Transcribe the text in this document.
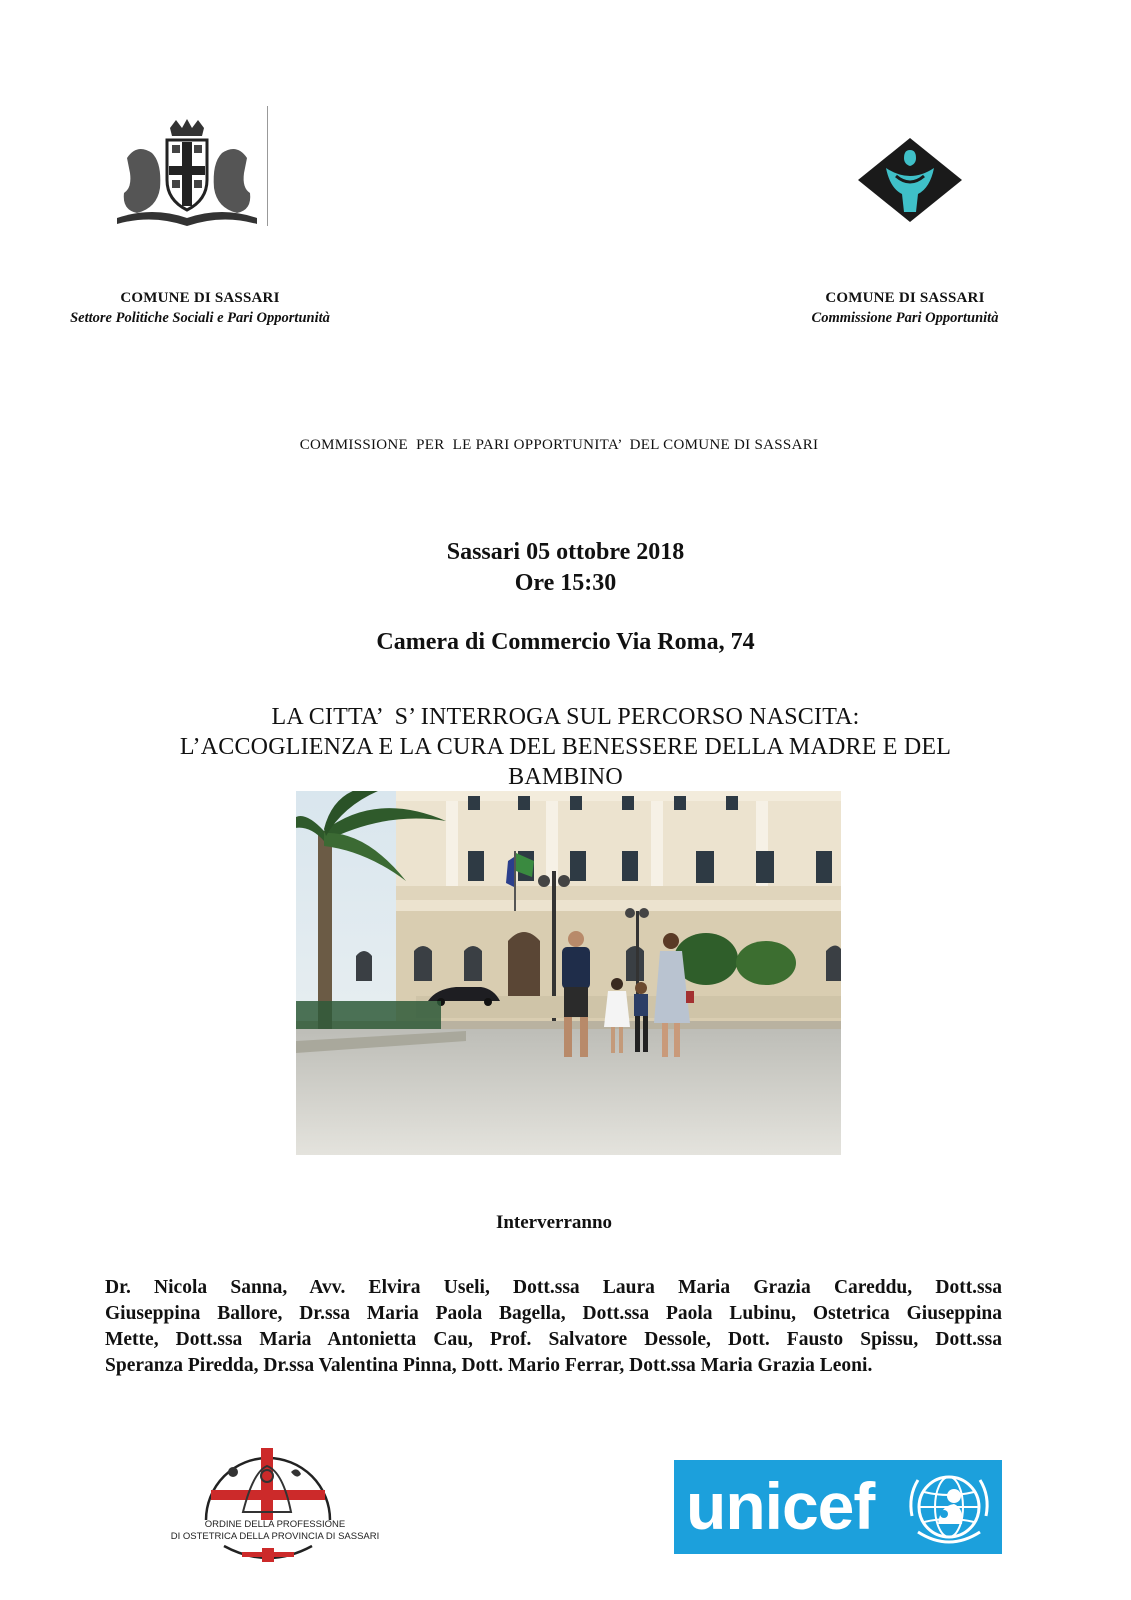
COMUNE DI SASSARI
Settore Politiche Sociali e Pari Opportunità
COMUNE DI SASSARI
Commissione Pari Opportunità
COMMISSIONE  PER  LE PARI OPPORTUNITA’  DEL COMUNE DI SASSARI
Sassari 05 ottobre 2018
Ore 15:30
Camera di Commercio Via Roma, 74
LA CITTA’  S’ INTERROGA SUL PERCORSO NASCITA:
L’ACCOGLIENZA E LA CURA DEL BENESSERE DELLA MADRE E DEL
BAMBINO
Interverranno
Dr. Nicola Sanna, Avv. Elvira Useli, Dott.ssa Laura Maria Grazia Careddu, Dott.ssa
Giuseppina Ballore, Dr.ssa Maria Paola Bagella, Dott.ssa Paola Lubinu, Ostetrica Giuseppina
Mette, Dott.ssa Maria Antonietta Cau, Prof. Salvatore Dessole, Dott. Fausto Spissu, Dott.ssa
Speranza Piredda, Dr.ssa Valentina Pinna, Dott. Mario Ferrar, Dott.ssa Maria Grazia Leoni.
ORDINE DELLA PROFESSIONE
DI OSTETRICA DELLA PROVINCIA DI SASSARI	unicef
